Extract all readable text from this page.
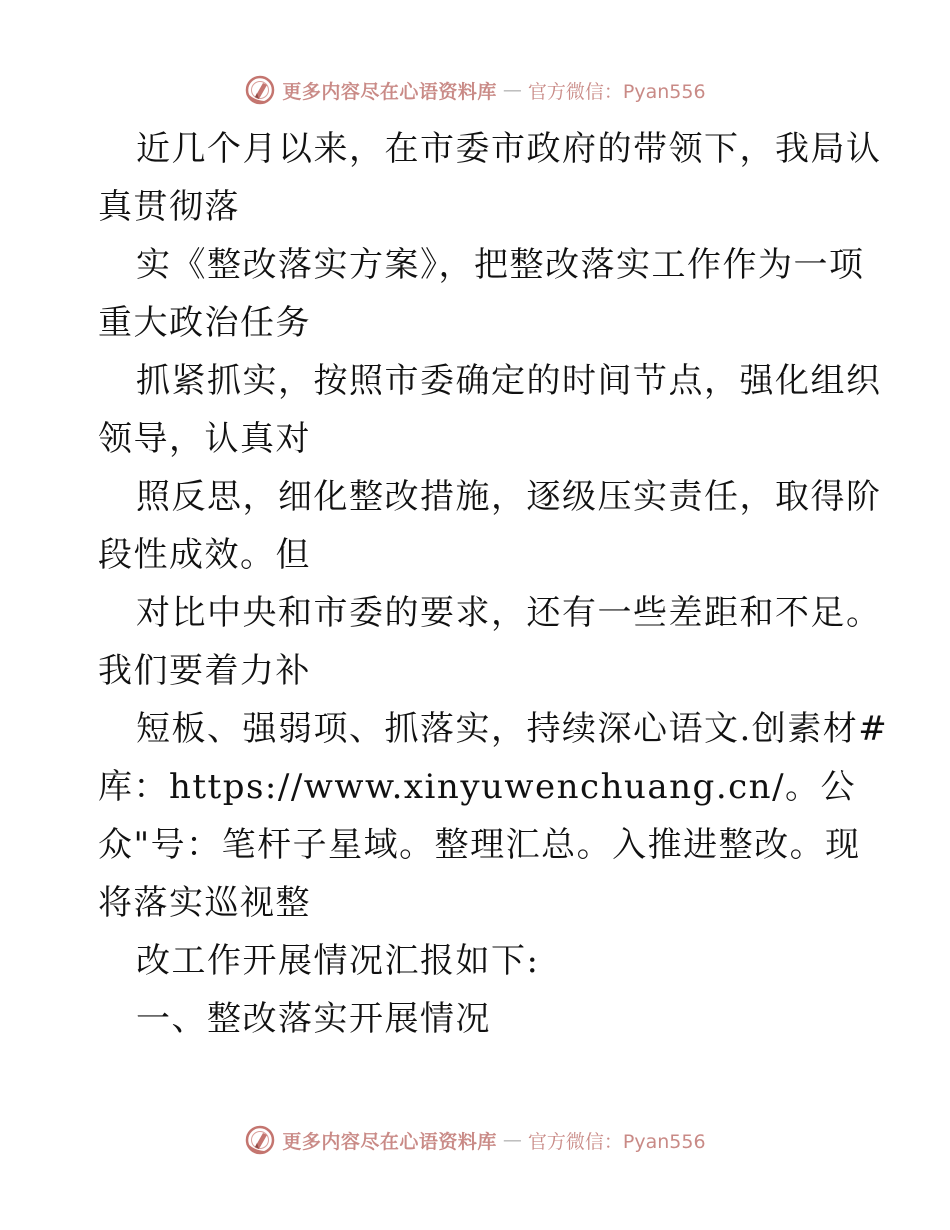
更多内容尽在心语资料库 — 官方微信：Pyan556
近几个月以来，在市委市政府的带领下，我局认
真贯彻落
实《整改落实方案》，把整改落实工作作为一项
重大政治任务
抓紧抓实，按照市委确定的时间节点，强化组织
领导，认真对
照反思，细化整改措施，逐级压实责任，取得阶
段性成效。但
对比中央和市委的要求，还有一些差距和不足。
我们要着力补
短板、强弱项、抓落实，持续深心语文.创素材#
库：https://www.xinyuwenchuang.cn/。公
众"号：笔杆子星域。整理汇总。入推进整改。现
将落实巡视整
改工作开展情况汇报如下:
一、整改落实开展情况
更多内容尽在心语资料库 — 官方微信：Pyan556
